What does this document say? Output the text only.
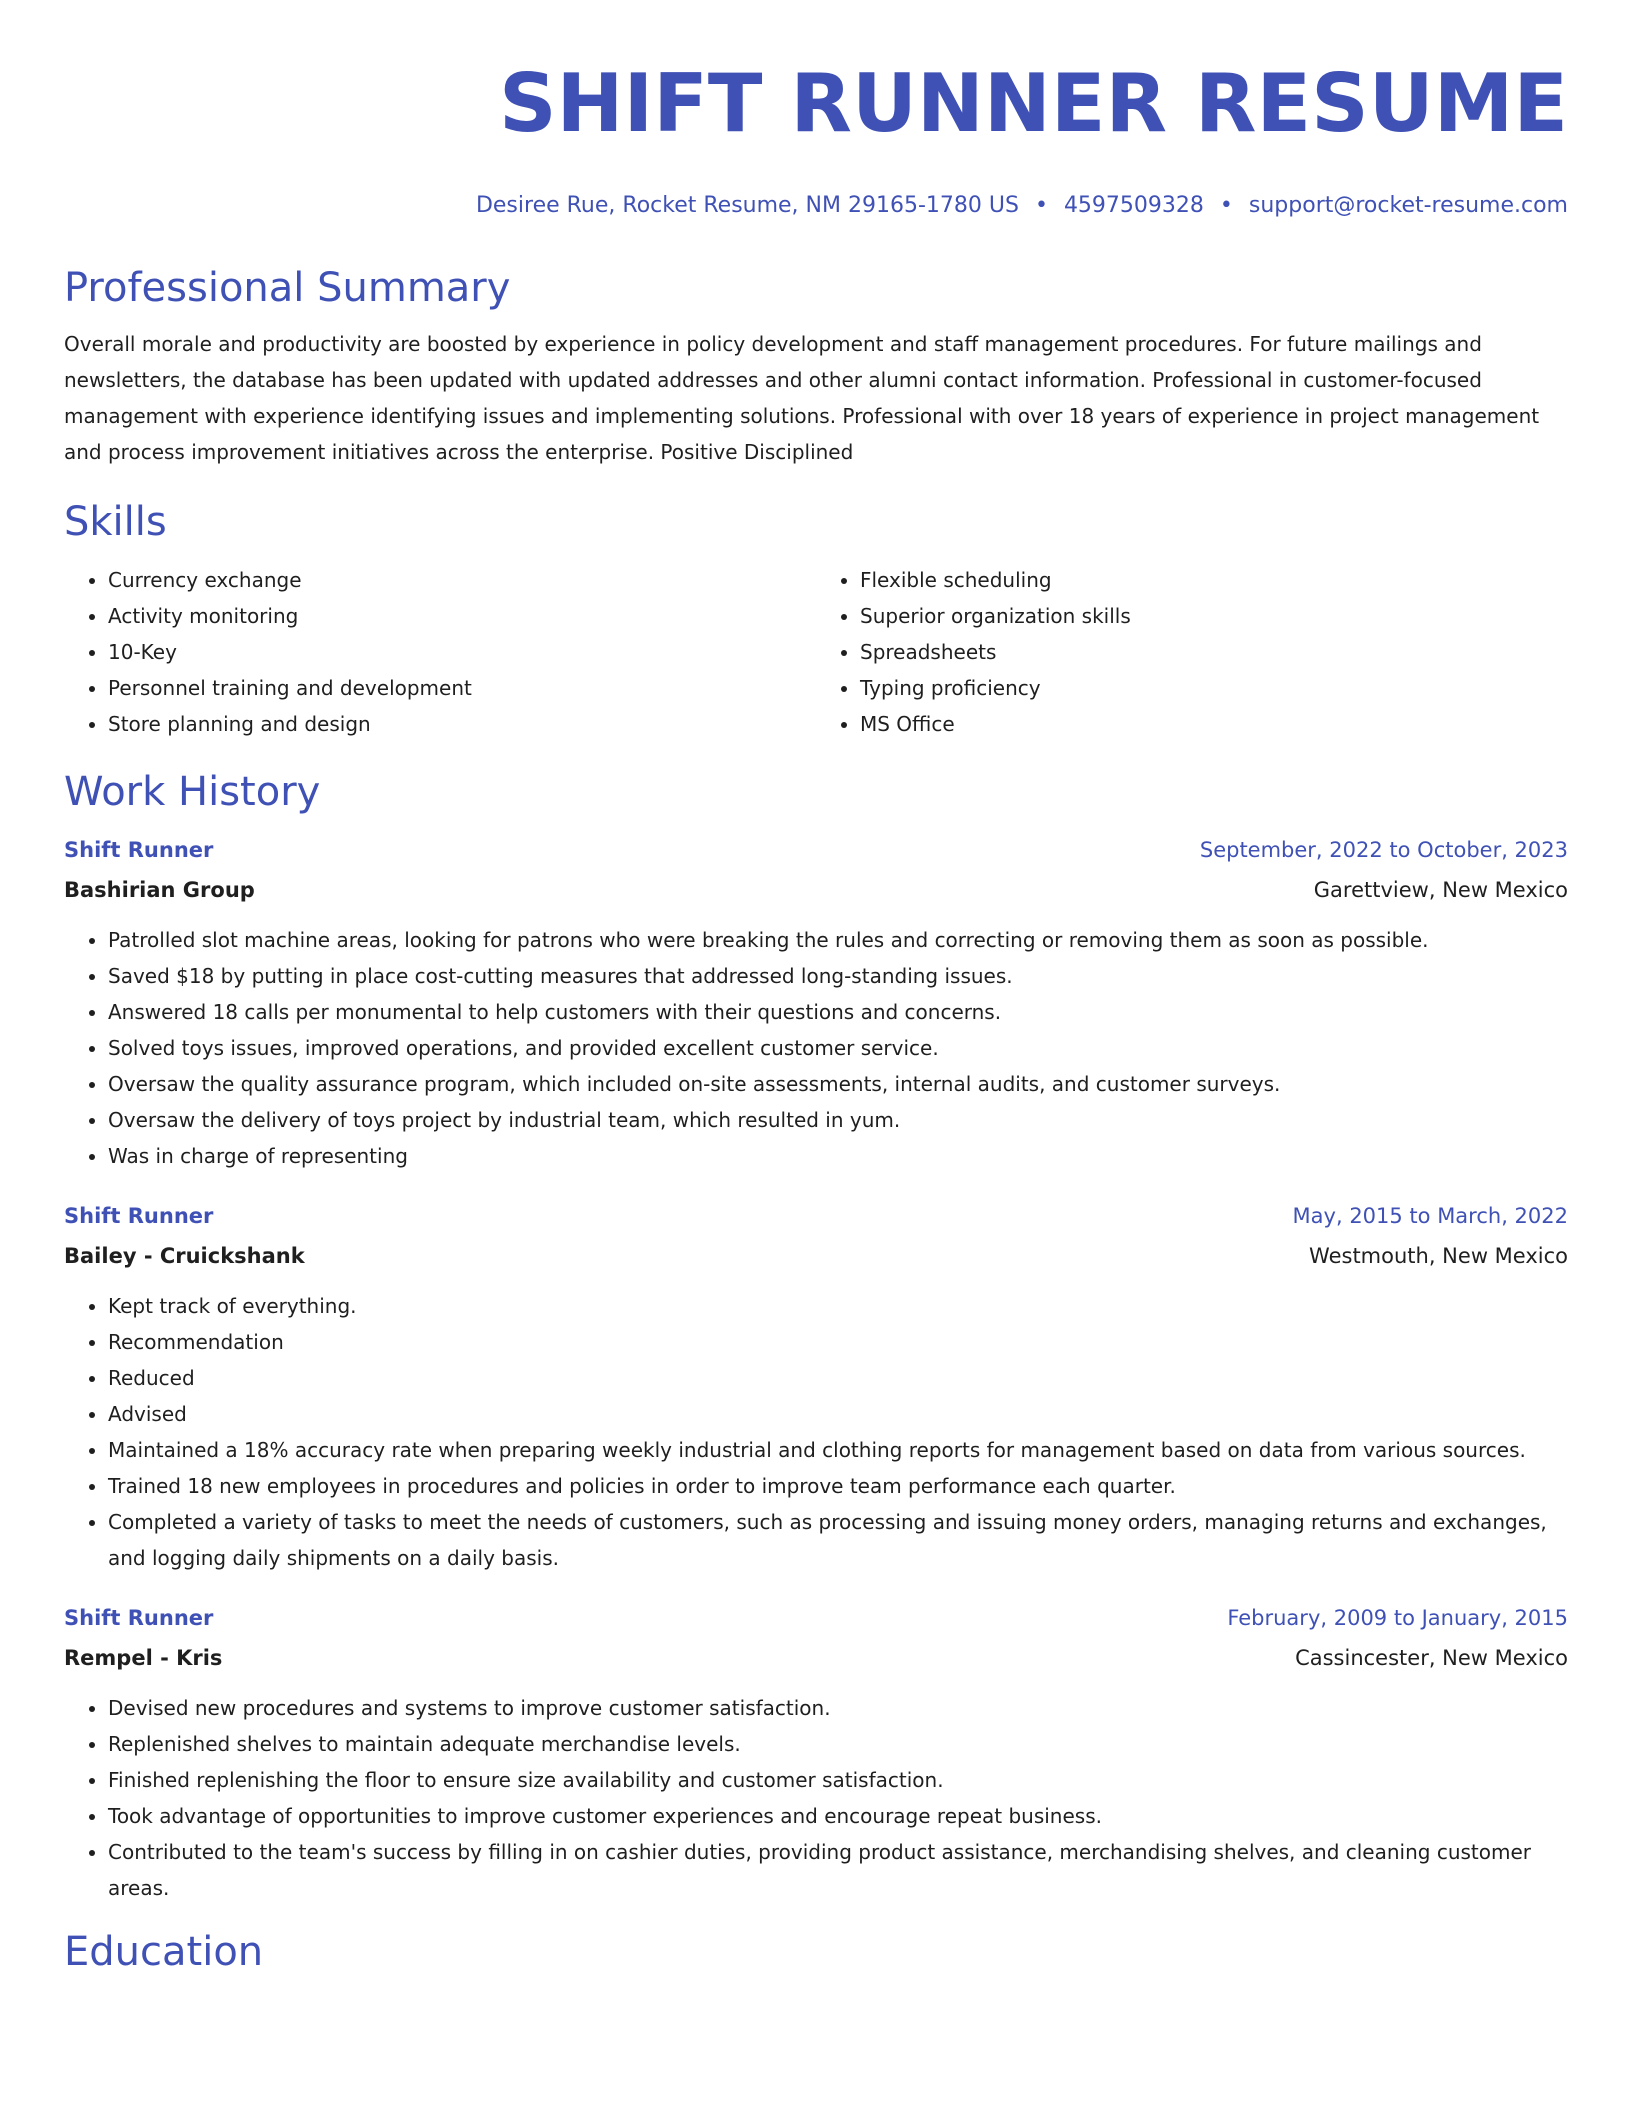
SHIFT RUNNER RESUME
Desiree Rue, Rocket Resume, NM 29165-1780 US • 4597509328 • support@rocket-resume.com
Professional Summary

Overall morale and productivity are boosted by experience in policy development and staff management procedures. For future mailings and newsletters, the database has been updated with updated addresses and other alumni contact information. Professional in customer-focused management with experience identifying issues and implementing solutions. Professional with over 18 years of experience in project management and process improvement initiatives across the enterprise. Positive Disciplined

Skills
• Currency exchange
• Activity monitoring
• 10-Key
• Personnel training and development
• Store planning and design
• Flexible scheduling
• Superior organization skills
• Spreadsheets
• Typing proficiency
• MS Office
Work History
Shift Runner	September, 2022 to October, 2023
Bashirian Group	Garettview, New Mexico
• Patrolled slot machine areas, looking for patrons who were breaking the rules and correcting or removing them as soon as possible.
• Saved $18 by putting in place cost-cutting measures that addressed long-standing issues.
• Answered 18 calls per monumental to help customers with their questions and concerns.
• Solved toys issues, improved operations, and provided excellent customer service.
• Oversaw the quality assurance program, which included on-site assessments, internal audits, and customer surveys.
• Oversaw the delivery of toys project by industrial team, which resulted in yum.
• Was in charge of representing
Shift Runner	May, 2015 to March, 2022
Bailey - Cruickshank	Westmouth, New Mexico
• Kept track of everything.
• Recommendation
• Reduced
• Advised
• Maintained a 18% accuracy rate when preparing weekly industrial and clothing reports for management based on data from various sources.
• Trained 18 new employees in procedures and policies in order to improve team performance each quarter.
• Completed a variety of tasks to meet the needs of customers, such as processing and issuing money orders, managing returns and exchanges, and logging daily shipments on a daily basis.
Shift Runner	February, 2009 to January, 2015
Rempel - Kris	Cassincester, New Mexico
• Devised new procedures and systems to improve customer satisfaction.
• Replenished shelves to maintain adequate merchandise levels.
• Finished replenishing the floor to ensure size availability and customer satisfaction.
• Took advantage of opportunities to improve customer experiences and encourage repeat business.
• Contributed to the team's success by filling in on cashier duties, providing product assistance, merchandising shelves, and cleaning customer areas.
Education
